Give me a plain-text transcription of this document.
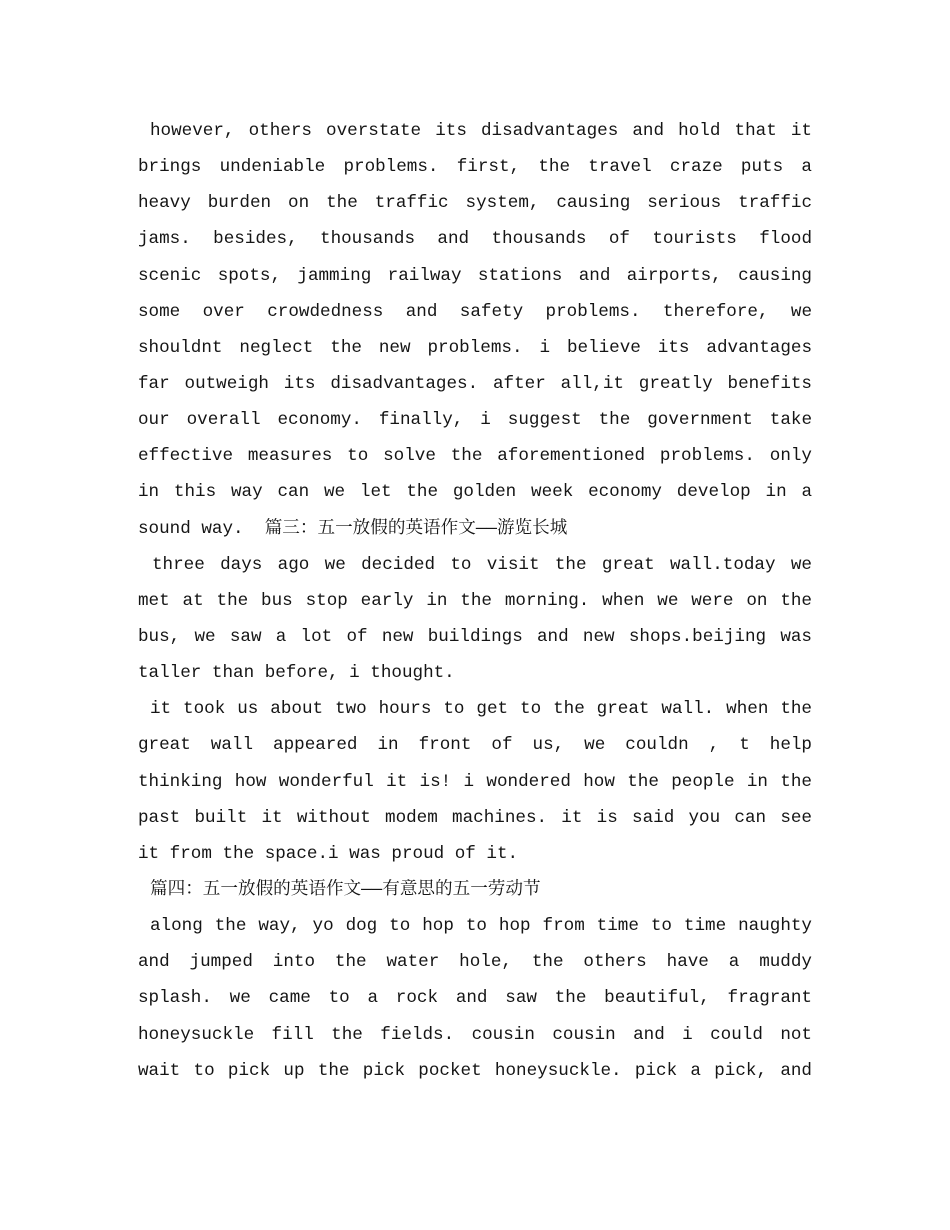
however, others overstate its disadvantages and hold that it
brings undeniable problems. first, the travel craze puts a
heavy burden on the traffic system, causing serious traffic
jams. besides, thousands and thousands of tourists flood
scenic spots, jamming railway stations and airports, causing
some over crowdedness and safety problems. therefore, we
shouldnt neglect the new problems. i believe its advantages
far outweigh its disadvantages. after all,it greatly benefits
our overall economy. finally, i suggest the government take
effective measures to solve the aforementioned problems. only
in this way can we let the golden week economy develop in a
sound way.  篇三：五一放假的英语作文——游览长城
three days ago we decided to visit the great wall.today we
met at the bus stop early in the morning. when we were on the
bus, we saw a lot of new buildings and new shops.beijing was
taller than before, i thought.
it took us about two hours to get to the great wall. when the
great wall appeared in front of us, we couldn , t help
thinking how wonderful it is! i wondered how the people in the
past built it without modem machines. it is said you can see
it from the space.i was proud of it.
篇四：五一放假的英语作文——有意思的五一劳动节
along the way, yo dog to hop to hop from time to time naughty
and jumped into the water hole, the others have a muddy
splash. we came to a rock and saw the beautiful, fragrant
honeysuckle fill the fields. cousin cousin and i could not
wait to pick up the pick pocket honeysuckle. pick a pick, and
